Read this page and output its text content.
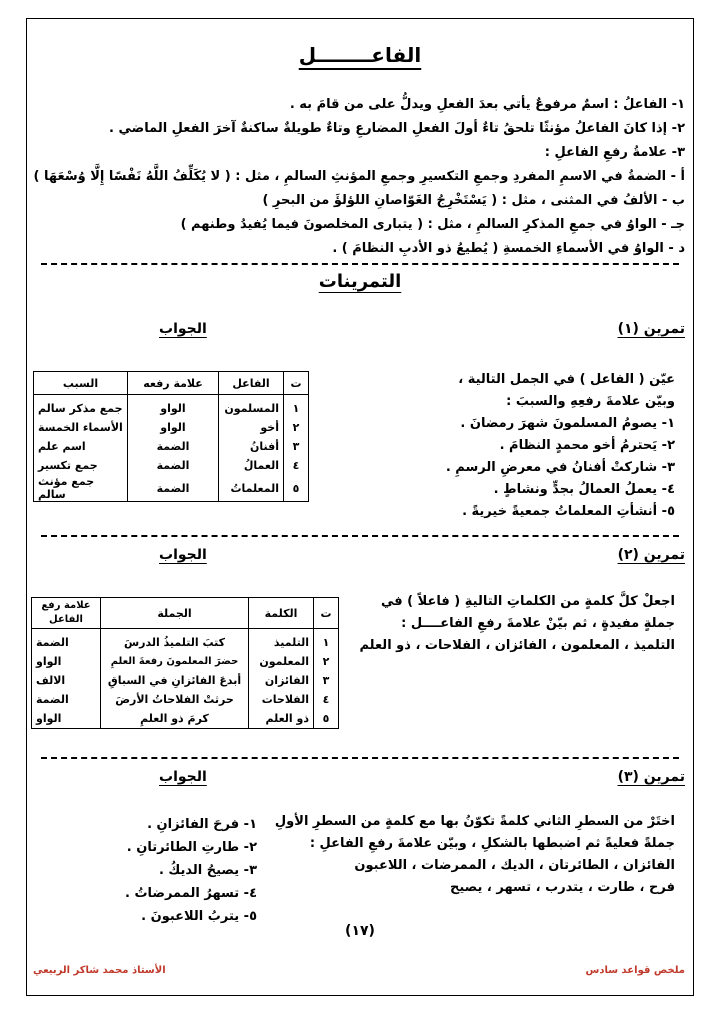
الفاعــــــــل
١- الفاعلُ : اسمٌ مرفوعٌ يأتي بعدَ الفعلِ ويدلُّ على من قامَ به .
٢- إذا كانَ الفاعلُ مؤنثًا تلحقُ تاءٌ أولَ الفعلِ المضارعِ وتاءٌ طويلةٌ ساكنةٌ آخرَ الفعلِ الماضي .
٣- علامةُ رفعِ الفاعلِ :
أ - الضمةُ في الاسمِ المفردِ وجمعِ التكسيرِ وجمعِ المؤنثِ السالمِ ، مثل : ( لا يُكَلِّفُ اللَّهُ نَفْسًا إِلَّا وُسْعَهَا )
ب - الألفُ في المثنى ، مثل : ( يَسْتَخْرِجُ الغَوّاصانِ اللؤلؤَ من البحرِ )
جـ - الواوُ في جمعِ المذكرِ السالمِ ، مثل : ( يتبارى المخلصونَ فيما يُفيدُ وطنهم )
د - الواوُ في الأسماءِ الخمسةِ ( يُطيعُ ذو الأدبِ النظامَ ) .
التمرينات
تمرين (١)
الجواب
عيّن ( الفاعل ) في الجمل التالية ،
وبيّن علامةَ رفعِهِ والسببَ :
١- يصومُ المسلمونَ شهرَ رمضانَ .
٢- يَحترمُ أخو محمدٍ النظامَ .
٣- شاركتْ أفنانُ في معرضِ الرسمِ .
٤- يعملُ العمالُ بجدٍّ ونشاطٍ .
٥- أنشأتِ المعلماتُ جمعيةً خيريةً .
ت	الفاعل	علامة رفعه	السبب
١	المسلمون	الواو	جمع مذكر سالم
٢	أخو	الواو	الأسماء الخمسة
٣	أفنانُ	الضمة	اسم علم
٤	العمالُ	الضمة	جمع تكسير
٥	المعلماتُ	الضمة	جمع مؤنث سالم
تمرين (٢)
الجواب
اجعلْ كلَّ كلمةٍ من الكلماتِ التاليةِ ( فاعلاً ) في
جملةٍ مفيدةٍ ، ثم بيّنْ علامةَ رفعِ الفاعــــل :
التلميذ ، المعلمون ، الفائزان ، الفلاحات ، ذو العلم
ت	الكلمة	الجملة	علامة رفع الفاعل
١	التلميذ	كتبَ التلميذُ الدرسَ	الضمة
٢	المعلمون	حضرَ المعلمونَ رفعةَ العلمِ	الواو
٣	الفائزان	أبدعَ الفائزانِ في السباقِ	الالف
٤	الفلاحات	حرثتْ الفلاحاتُ الأرضَ	الضمة
٥	ذو العلم	كرمَ ذو العلمِ	الواو
تمرين (٣)
الجواب
اختَرْ من السطرِ الثاني كلمةً تكوّنُ بها مع كلمةٍ من السطرِ الأولِ
جملةً فعليةً ثم اضبطها بالشكلِ ، وبيّن علامةَ رفعِ الفاعلِ :
الفائزان ، الطائرتان ، الديك ، الممرضات ، اللاعبون
فرح ، طارت ، يتدرب ، تسهر ، يصيح
١- فرحَ الفائزانِ .
٢- طارتِ الطائرتانِ .
٣- يصيحُ الديكُ .
٤- تسهرُ الممرضاتُ .
٥- يتربُ اللاعبونَ .
(١٧)
الأستاذ محمد شاكر الربيعي	ملخص قواعد سادس
